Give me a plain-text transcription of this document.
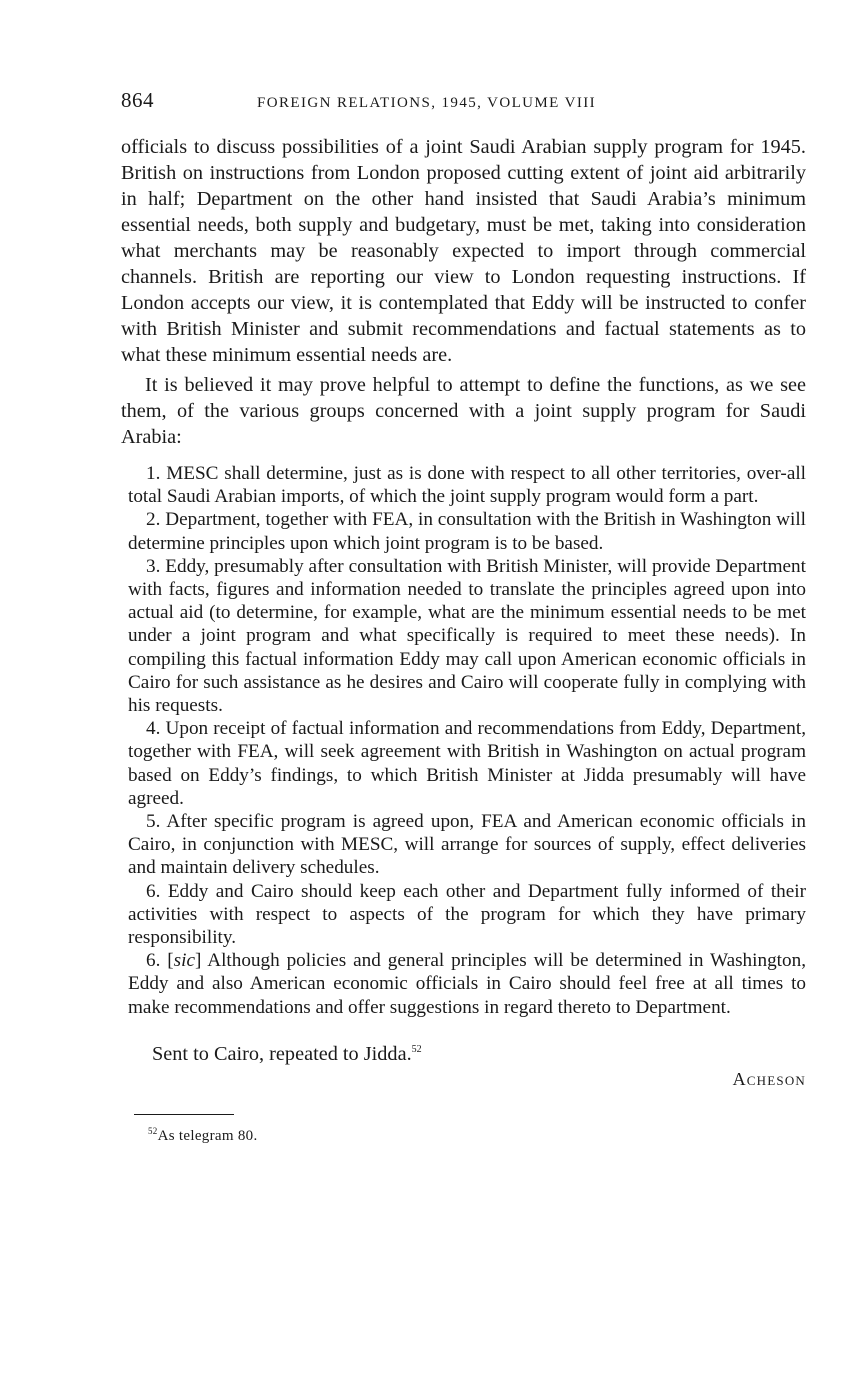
864	FOREIGN RELATIONS, 1945, VOLUME VIII

officials to discuss possibilities of a joint Saudi Arabian supply program for 1945. British on instructions from London proposed cutting extent of joint aid arbitrarily in half; Department on the other hand insisted that Saudi Arabia’s minimum essential needs, both supply and budgetary, must be met, taking into consideration what merchants may be reasonably expected to import through commercial channels. British are reporting our view to London requesting instructions. If London accepts our view, it is contemplated that Eddy will be instructed to confer with British Minister and submit recommendations and factual statements as to what these minimum essential needs are.

It is believed it may prove helpful to attempt to define the functions, as we see them, of the various groups concerned with a joint supply program for Saudi Arabia:

1. MESC shall determine, just as is done with respect to all other territories, over-all total Saudi Arabian imports, of which the joint supply program would form a part.

2. Department, together with FEA, in consultation with the British in Washington will determine principles upon which joint program is to be based.

3. Eddy, presumably after consultation with British Minister, will provide Department with facts, figures and information needed to translate the principles agreed upon into actual aid (to determine, for example, what are the minimum essential needs to be met under a joint program and what specifically is required to meet these needs). In compiling this factual information Eddy may call upon American economic officials in Cairo for such assistance as he desires and Cairo will cooperate fully in complying with his requests.

4. Upon receipt of factual information and recommendations from Eddy, Department, together with FEA, will seek agreement with British in Washington on actual program based on Eddy’s findings, to which British Minister at Jidda presumably will have agreed.

5. After specific program is agreed upon, FEA and American economic officials in Cairo, in conjunction with MESC, will arrange for sources of supply, effect deliveries and maintain delivery schedules.

6. Eddy and Cairo should keep each other and Department fully informed of their activities with respect to aspects of the program for which they have primary responsibility.

6. [sic] Although policies and general principles will be determined in Washington, Eddy and also American economic officials in Cairo should feel free at all times to make recommendations and offer suggestions in regard thereto to Department.

Sent to Cairo, repeated to Jidda.$^{52}$

Acheson
$^{52}$As telegram 80.
